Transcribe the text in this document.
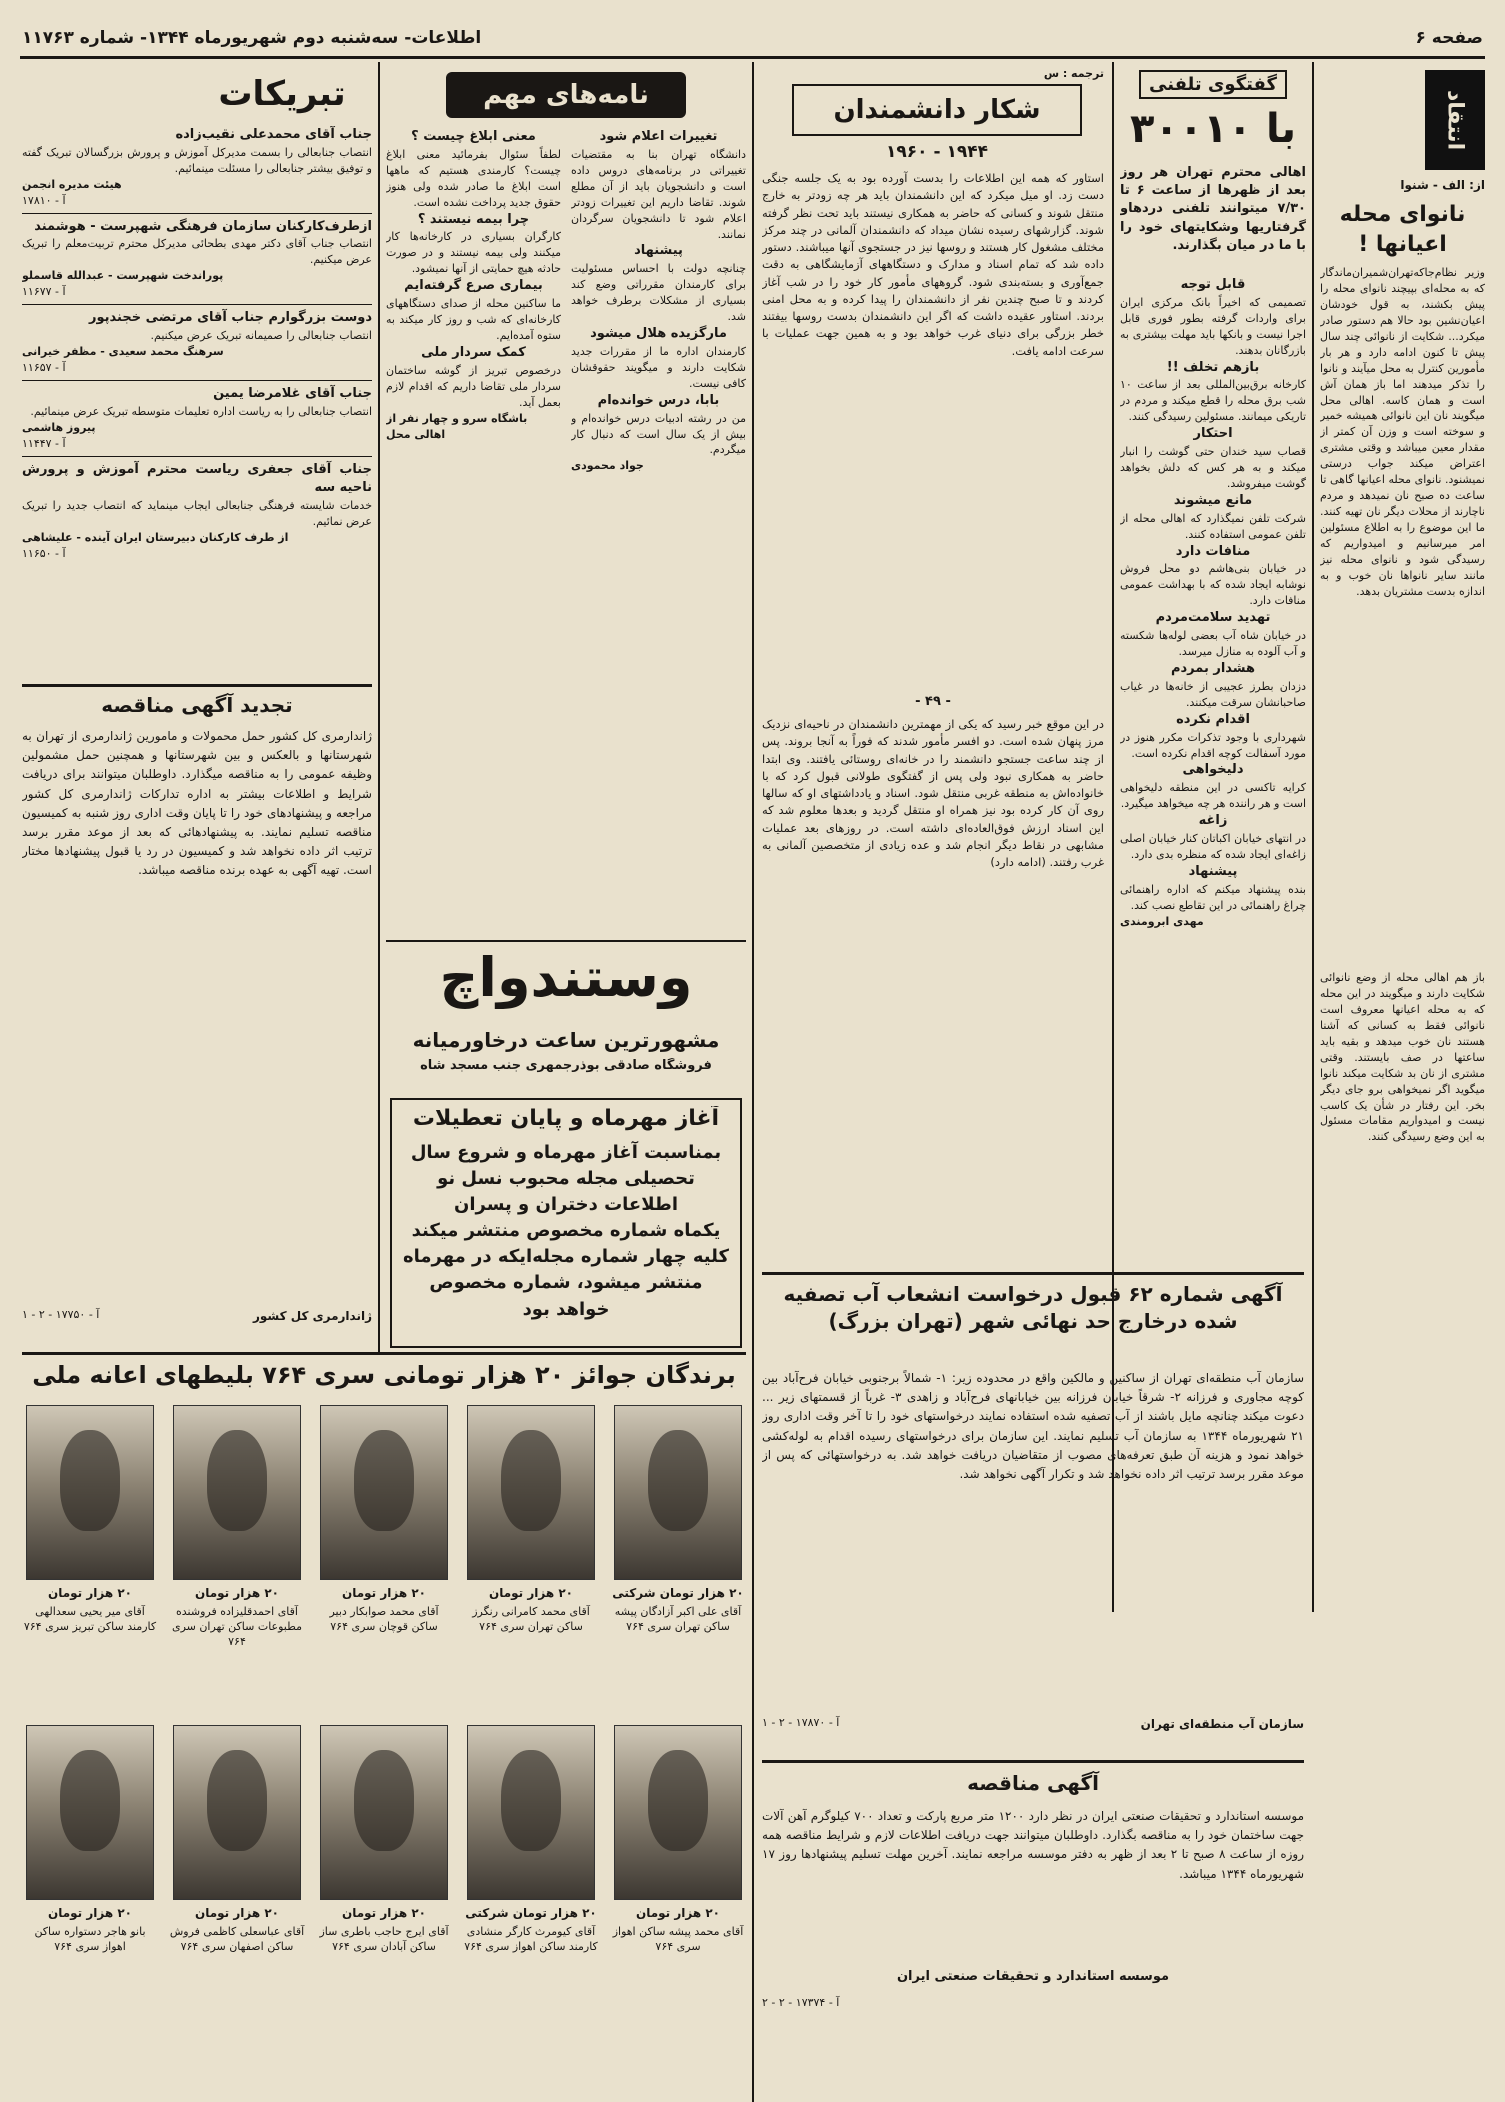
صفحه ۶
اطلاعات- سه‌شنبه دوم شهریورماه ۱۳۴۴- شماره ۱۱۷۶۳
انتقاد
از: الف - شنوا
نانوای محله اعیانها !
وزیر نظام‌جاکه‌تهران‌شمیران‌ماندگار که به محله‌ای بپیچند نانوای محله را پیش بکشند، به قول خودشان اعیان‌نشین بود حالا هم دستور صادر میکرد... شکایت از نانوائی چند سال پیش تا کنون ادامه دارد و هر بار مأمورین کنترل به محل میآیند و نانوا را تذکر میدهند اما باز همان آش است و همان کاسه. اهالی محل میگویند نان این نانوائی همیشه خمیر و سوخته است و وزن آن کمتر از مقدار معین میباشد و وقتی مشتری اعتراض میکند جواب درستی نمیشنود. نانوای محله اعیانها گاهی تا ساعت ده صبح نان نمیدهد و مردم ناچارند از محلات دیگر نان تهیه کنند. ما این موضوع را به اطلاع مسئولین امر میرسانیم و امیدواریم که رسیدگی شود و نانوای محله نیز مانند سایر نانواها نان خوب و به اندازه بدست مشتریان بدهد.
باز هم اهالی محله از وضع نانوائی شکایت دارند و میگویند در این محله که به محله اعیانها معروف است نانوائی فقط به کسانی که آشنا هستند نان خوب میدهد و بقیه باید ساعتها در صف بایستند. وقتی مشتری از نان بد شکایت میکند نانوا میگوید اگر نمیخواهی برو جای دیگر بخر. این رفتار در شأن یک کاسب نیست و امیدواریم مقامات مسئول به این وضع رسیدگی کنند.
گفتگوی تلفنی
با ۳۰۰۱۰
اهالی محترم تهران هر روز بعد از ظهرها از ساعت ۶ تا ۷/۳۰ میتوانند تلفنی دردهاو گرفتاریها وشکایتهای خود را با ما در میان بگذارند.
قابل توجه
تصمیمی که اخیراً بانک مرکزی ایران برای واردات گرفته بطور فوری قابل اجرا نیست و بانکها باید مهلت بیشتری به بازرگانان بدهند.
بازهم تخلف !!
کارخانه برق‌بین‌المللی بعد از ساعت ۱۰ شب برق محله را قطع میکند و مردم در تاریکی میمانند. مسئولین رسیدگی کنند.
احتکار
قصاب سید خندان حتی گوشت را انبار میکند و به هر کس که دلش بخواهد گوشت میفروشد.
مانع میشوند
شرکت تلفن نمیگذارد که اهالی محله از تلفن عمومی استفاده کنند.
منافات دارد
در خیابان بنی‌هاشم دو محل فروش نوشابه ایجاد شده که با بهداشت عمومی منافات دارد.
تهدید سلامت‌مردم
در خیابان شاه آب بعضی لوله‌ها شکسته و آب آلوده به منازل میرسد.
هشدار بمردم
دزدان بطرز عجیبی از خانه‌ها در غیاب صاحبانشان سرقت میکنند.
اقدام نکرده
شهرداری با وجود تذکرات مکرر هنوز در مورد آسفالت کوچه اقدام نکرده است.
دلیخواهی
کرایه تاکسی در این منطقه دلیخواهی است و هر راننده هر چه میخواهد میگیرد.
زاغه
در انتهای خیابان اکباتان کنار خیابان اصلی زاغه‌ای ایجاد شده که منظره بدی دارد.
پیشنهاد
بنده پیشنهاد میکنم که اداره راهنمائی چراغ راهنمائی در این تقاطع نصب کند.
مهدی ابرومندی
ترجمه : س
شکار دانشمندان
۱۹۶۰ - ۱۹۴۴
استاور که همه این اطلاعات را بدست آورده بود به یک جلسه جنگی دست زد. او میل میکرد که این دانشمندان باید هر چه زودتر به خارج منتقل شوند و کسانی که حاضر به همکاری نیستند باید تحت نظر گرفته شوند. گزارشهای رسیده نشان میداد که دانشمندان آلمانی در چند مرکز مختلف مشغول کار هستند و روسها نیز در جستجوی آنها میباشند. دستور داده شد که تمام اسناد و مدارک و دستگاههای آزمایشگاهی به دقت جمع‌آوری و بسته‌بندی شود. گروههای مأمور کار خود را در شب آغاز کردند و تا صبح چندین نفر از دانشمندان را پیدا کرده و به محل امنی بردند. استاور عقیده داشت که اگر این دانشمندان بدست روسها بیفتند خطر بزرگی برای دنیای غرب خواهد بود و به همین جهت عملیات با سرعت ادامه یافت.
- ۴۹ -
در این موقع خبر رسید که یکی از مهمترین دانشمندان در ناحیه‌ای نزدیک مرز پنهان شده است. دو افسر مأمور شدند که فوراً به آنجا بروند. پس از چند ساعت جستجو دانشمند را در خانه‌ای روستائی یافتند. وی ابتدا حاضر به همکاری نبود ولی پس از گفتگوی طولانی قبول کرد که با خانواده‌اش به منطقه غربی منتقل شود. اسناد و یادداشتهای او که سالها روی آن کار کرده بود نیز همراه او منتقل گردید و بعدها معلوم شد که این اسناد ارزش فوق‌العاده‌ای داشته است. در روزهای بعد عملیات مشابهی در نقاط دیگر انجام شد و عده زیادی از متخصصین آلمانی به غرب رفتند. (ادامه دارد)
نامه‌های مهم
تغییرات اعلام شود
دانشگاه تهران بنا به مقتضیات تغییراتی در برنامه‌های دروس داده است و دانشجویان باید از آن مطلع شوند. تقاضا داریم این تغییرات زودتر اعلام شود تا دانشجویان سرگردان نمانند.
پیشنهاد
چنانچه دولت با احساس مسئولیت برای کارمندان مقرراتی وضع کند بسیاری از مشکلات برطرف خواهد شد.
مارگزیده هلال میشود
کارمندان اداره ما از مقررات جدید شکایت دارند و میگویند حقوقشان کافی نیست.
بابا، درس خوانده‌ام
من در رشته ادبیات درس خوانده‌ام و بیش از یک سال است که دنبال کار میگردم.
جواد محمودی
معنی ابلاغ چیست ؟
لطفاً سئوال بفرمائید معنی ابلاغ چیست؟ کارمندی هستیم که ماهها است ابلاغ ما صادر شده ولی هنوز حقوق جدید پرداخت نشده است.
چرا بیمه نیستند ؟
کارگران بسیاری در کارخانه‌ها کار میکنند ولی بیمه نیستند و در صورت حادثه هیچ حمایتی از آنها نمیشود.
بیماری صرع گرفته‌ایم
ما ساکنین محله از صدای دستگاههای کارخانه‌ای که شب و روز کار میکند به ستوه آمده‌ایم.
کمک سردار ملی
درخصوص تبریز از گوشه ساختمان سردار ملی تقاضا داریم که اقدام لازم بعمل آید.
باشگاه سرو و چهار نفر از اهالی محل
تبریکات
جناب آقای محمدعلی نقیب‌زاده
انتصاب جنابعالی را بسمت مدیرکل آموزش و پرورش بزرگسالان تبریک گفته و توفیق بیشتر جنابعالی را مسئلت مینمائیم.
هیئت مدیره انجمن
آ - ۱۷۸۱۰
ازطرف‌کارکنان سازمان فرهنگی شهپرست - هوشمند
انتصاب جناب آقای دکتر مهدی بطحائی مدیرکل محترم تربیت‌معلم را تبریک عرض میکنیم.
پوراندخت شهپرست - عبدالله قاسملو
آ - ۱۱۶۷۷
دوست بزرگوارم جناب آقای مرتضی خجندپور
انتصاب جنابعالی را صمیمانه تبریک عرض میکنیم.
سرهنگ محمد سعیدی - مظفر خیرانی
آ - ۱۱۶۵۷
جناب آقای غلامرضا یمین
انتصاب جنابعالی را به ریاست اداره تعلیمات متوسطه تبریک عرض مینمائیم.
پیروز هاشمی
آ - ۱۱۴۴۷
جناب آقای جعفری ریاست محترم آموزش و پرورش ناحیه سه
خدمات شایسته فرهنگی جنابعالی ایجاب مینماید که انتصاب جدید را تبریک عرض نمائیم.
از طرف کارکنان دبیرستان ایران آینده - علیشاهی
آ - ۱۱۶۵۰
تجدید آگهی مناقصه
ژاندارمری کل کشور حمل محمولات و مامورین ژاندارمری از تهران به شهرستانها و بالعکس و بین شهرستانها و همچنین حمل مشمولین وظیفه عمومی را به مناقصه میگذارد. داوطلبان میتوانند برای دریافت شرایط و اطلاعات بیشتر به اداره تدارکات ژاندارمری کل کشور مراجعه و پیشنهادهای خود را تا پایان وقت اداری روز شنبه به کمیسیون مناقصه تسلیم نمایند. به پیشنهادهائی که بعد از موعد مقرر برسد ترتیب اثر داده نخواهد شد و کمیسیون در رد یا قبول پیشنهادها مختار است. تهیه آگهی به عهده برنده مناقصه میباشد.
ژاندارمری کل کشور
آ - ۱۷۷۵۰ - ۲ - ۱
وستندواچ
مشهورترین ساعت درخاورمیانه
فروشگاه صادقی بوذرجمهری جنب مسجد شاه
آغاز مهرماه و پایان تعطیلات
بمناسبت آغاز مهرماه و شروع سال
تحصیلی مجله محبوب نسل نو
اطلاعات دختران و پسران
یکماه شماره مخصوص منتشر میکند
کلیه چهار شماره مجله‌ایکه در مهرماه
منتشر میشود، شماره مخصوص
خواهد بود
آگهی شماره ۶۲ قبول درخواست انشعاب آب تصفیه شده درخارج حد نهائی شهر (تهران بزرگ)
سازمان آب منطقه‌ای تهران از ساکنین و مالکین واقع در محدوده زیر: ۱- شمالاً برجنوبی خیابان فرح‌آباد بین کوچه مجاوری و فرزانه ۲- شرقاً خیابان فرزانه بین خیابانهای فرح‌آباد و زاهدی ۳- غرباً از قسمتهای زیر ... دعوت میکند چنانچه مایل باشند از آب تصفیه شده استفاده نمایند درخواستهای خود را تا آخر وقت اداری روز ۲۱ شهریورماه ۱۳۴۴ به سازمان آب تسلیم نمایند. این سازمان برای درخواستهای رسیده اقدام به لوله‌کشی خواهد نمود و هزینه آن طبق تعرفه‌های مصوب از متقاضیان دریافت خواهد شد. به درخواستهائی که پس از موعد مقرر برسد ترتیب اثر داده نخواهد شد و تکرار آگهی نخواهد شد.
سازمان آب منطقه‌ای تهران
آ - ۱۷۸۷۰ - ۲ - ۱
آگهی مناقصه
موسسه استاندارد و تحقیقات صنعتی ایران در نظر دارد ۱۲۰۰ متر مربع پارکت و تعداد ۷۰۰ کیلوگرم آهن آلات جهت ساختمان خود را به مناقصه بگذارد. داوطلبان میتوانند جهت دریافت اطلاعات لازم و شرایط مناقصه همه روزه از ساعت ۸ صبح تا ۲ بعد از ظهر به دفتر موسسه مراجعه نمایند. آخرین مهلت تسلیم پیشنهادها روز ۱۷ شهریورماه ۱۳۴۴ میباشد.
موسسه استاندارد و تحقیقات صنعتی ایران
آ - ۱۷۳۷۴ - ۲ - ۲
برندگان جوائز ۲۰ هزار تومانی سری ۷۶۴ بلیطهای اعانه ملی
۲۰ هزار تومان شرکتی
آقای علی اکبر آزادگان پیشه ساکن تهران سری ۷۶۴
۲۰ هزار تومان
آقای محمد کامرانی رنگرز ساکن تهران سری ۷۶۴
۲۰ هزار تومان
آقای محمد صوابکار دبیر ساکن قوچان سری ۷۶۴
۲۰ هزار تومان
آقای احمدقلیزاده فروشنده مطبوعات ساکن تهران سری ۷۶۴
۲۰ هزار تومان
آقای میر یحیی سعدالهی کارمند ساکن تبریز سری ۷۶۴
۲۰ هزار تومان
آقای محمد پیشه ساکن اهواز سری ۷۶۴
۲۰ هزار تومان شرکتی
آقای کیومرث کارگر منشادی کارمند ساکن اهواز سری ۷۶۴
۲۰ هزار تومان
آقای ایرج حاجب باطری ساز ساکن آبادان سری ۷۶۴
۲۰ هزار تومان
آقای عباسعلی کاظمی فروش ساکن اصفهان سری ۷۶۴
۲۰ هزار تومان
بانو هاجر دستواره ساکن اهواز سری ۷۶۴
